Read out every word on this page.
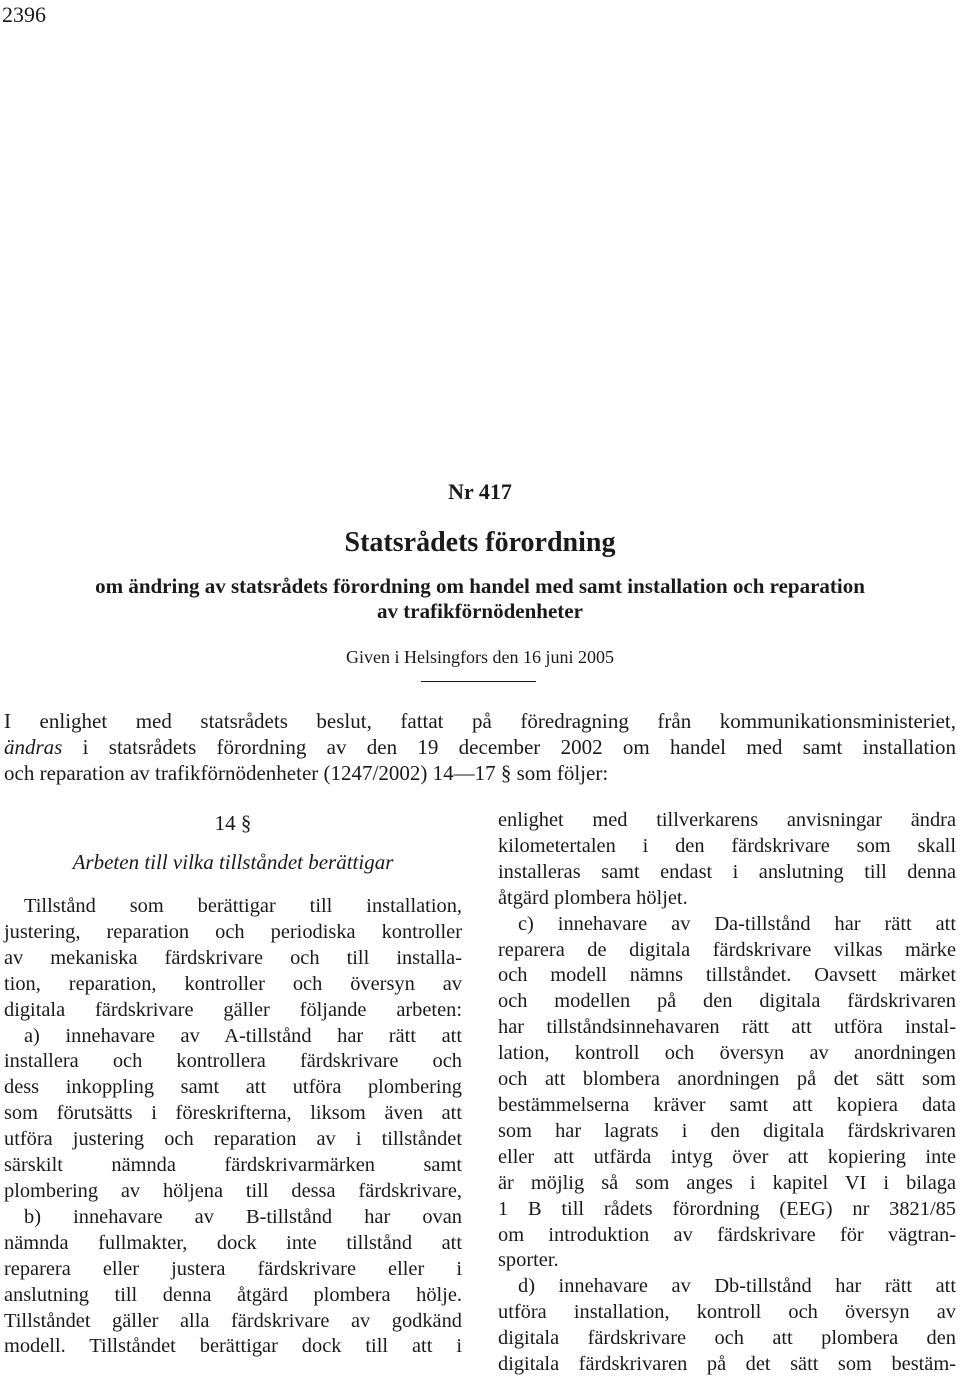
2396
Nr 417
Statsrådets förordning
om ändring av statsrådets förordning om handel med samt installation och reparation
av trafikförnödenheter
Given i Helsingfors den 16 juni 2005
I enlighet med statsrådets beslut, fattat på föredragning från kommunikationsministeriet,
ändras i statsrådets förordning av den 19 december 2002 om handel med samt installation
och reparation av trafikförnödenheter (1247/2002) 14—17 § som följer:
14 §
Arbeten till vilka tillståndet berättigar
Tillstånd som berättigar till installation,
justering, reparation och periodiska kontroller
av mekaniska färdskrivare och till installa-
tion, reparation, kontroller och översyn av
digitala färdskrivare gäller följande arbeten:
a) innehavare av A-tillstånd har rätt att
installera och kontrollera färdskrivare och
dess inkoppling samt att utföra plombering
som förutsätts i föreskrifterna, liksom även att
utföra justering och reparation av i tillståndet
särskilt nämnda färdskrivarmärken samt
plombering av höljena till dessa färdskrivare,
b) innehavare av B-tillstånd har ovan
nämnda fullmakter, dock inte tillstånd att
reparera eller justera färdskrivare eller i
anslutning till denna åtgärd plombera hölje.
Tillståndet gäller alla färdskrivare av godkänd
modell. Tillståndet berättigar dock till att i
enlighet med tillverkarens anvisningar ändra
kilometertalen i den färdskrivare som skall
installeras samt endast i anslutning till denna
åtgärd plombera höljet.
c) innehavare av Da-tillstånd har rätt att
reparera de digitala färdskrivare vilkas märke
och modell nämns tillståndet. Oavsett märket
och modellen på den digitala färdskrivaren
har tillståndsinnehavaren rätt att utföra instal-
lation, kontroll och översyn av anordningen
och att blombera anordningen på det sätt som
bestämmelserna kräver samt att kopiera data
som har lagrats i den digitala färdskrivaren
eller att utfärda intyg över att kopiering inte
är möjlig så som anges i kapitel VI i bilaga
1 B till rådets förordning (EEG) nr 3821/85
om introduktion av färdskrivare för vägtran-
sporter.
d) innehavare av Db-tillstånd har rätt att
utföra installation, kontroll och översyn av
digitala färdskrivare och att plombera den
digitala färdskrivaren på det sätt som bestäm-
